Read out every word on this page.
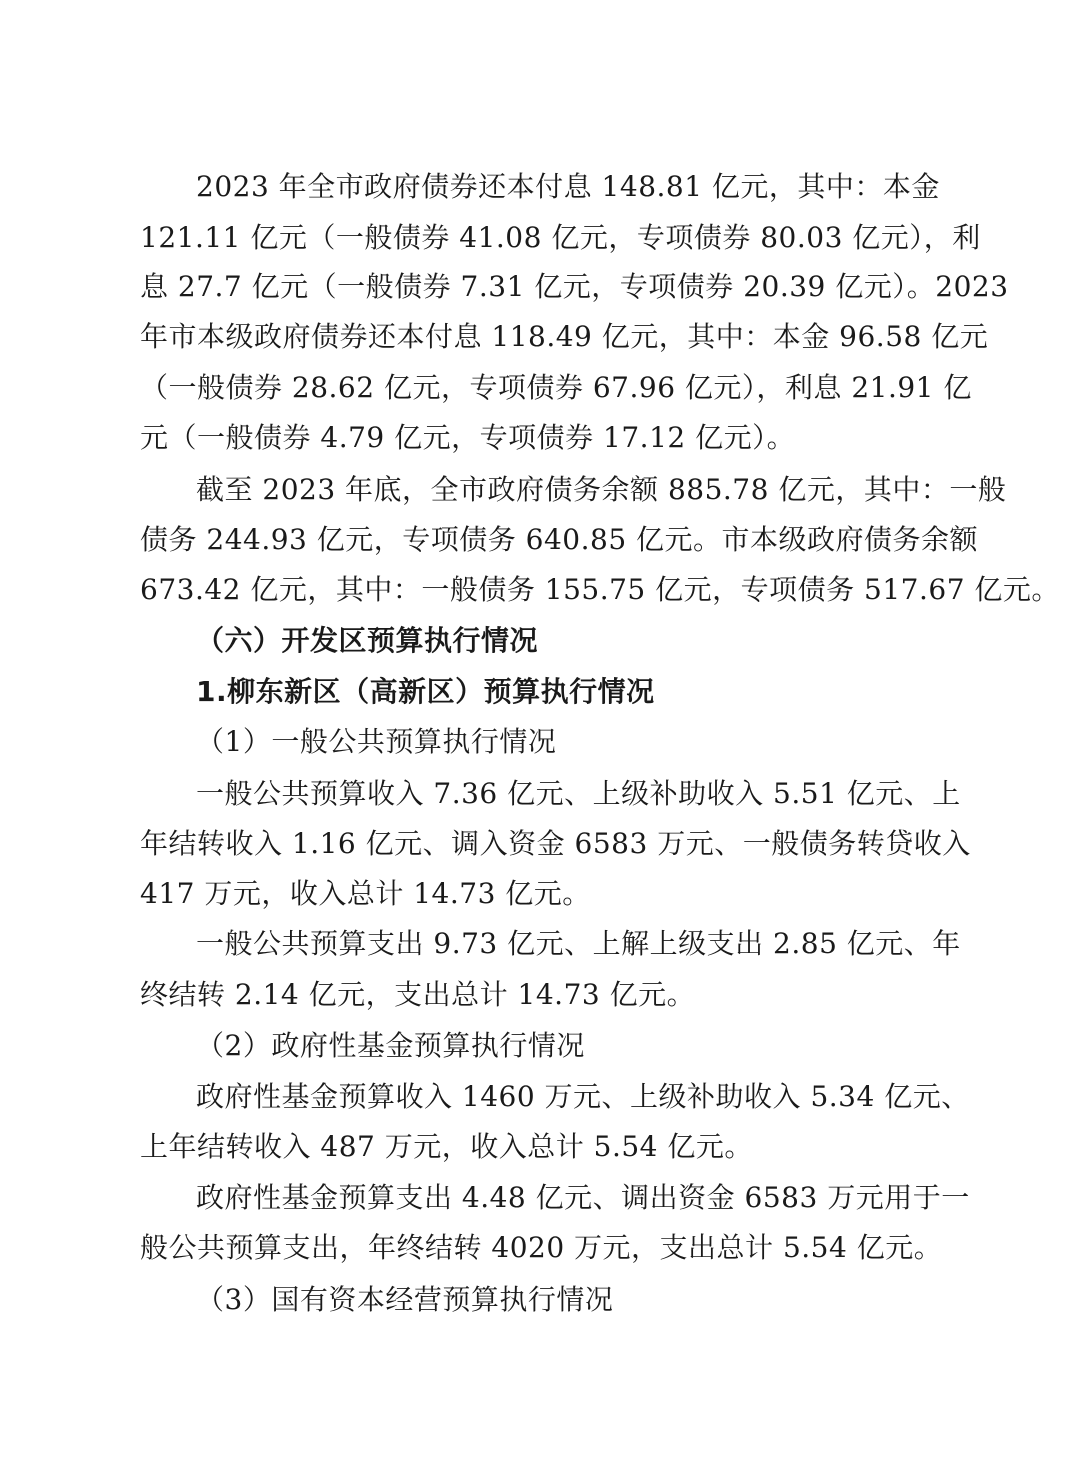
2023 年全市政府债券还本付息 148.81 亿元，其中：本金
121.11 亿元（一般债券 41.08 亿元，专项债券 80.03 亿元），利
息 27.7 亿元（一般债券 7.31 亿元，专项债券 20.39 亿元）。2023
年市本级政府债券还本付息 118.49 亿元，其中：本金 96.58 亿元
（一般债券 28.62 亿元，专项债券 67.96 亿元），利息 21.91 亿
元（一般债券 4.79 亿元，专项债券 17.12 亿元）。
截至 2023 年底，全市政府债务余额 885.78 亿元，其中：一般
债务 244.93 亿元，专项债务 640.85 亿元。市本级政府债务余额
673.42 亿元，其中：一般债务 155.75 亿元，专项债务 517.67 亿元。
（六）开发区预算执行情况
1.柳东新区（高新区）预算执行情况
（1）一般公共预算执行情况
一般公共预算收入 7.36 亿元、上级补助收入 5.51 亿元、上
年结转收入 1.16 亿元、调入资金 6583 万元、一般债务转贷收入
417 万元，收入总计 14.73 亿元。
一般公共预算支出 9.73 亿元、上解上级支出 2.85 亿元、年
终结转 2.14 亿元，支出总计 14.73 亿元。
（2）政府性基金预算执行情况
政府性基金预算收入 1460 万元、上级补助收入 5.34 亿元、
上年结转收入 487 万元，收入总计 5.54 亿元。
政府性基金预算支出 4.48 亿元、调出资金 6583 万元用于一
般公共预算支出，年终结转 4020 万元，支出总计 5.54 亿元。
（3）国有资本经营预算执行情况
